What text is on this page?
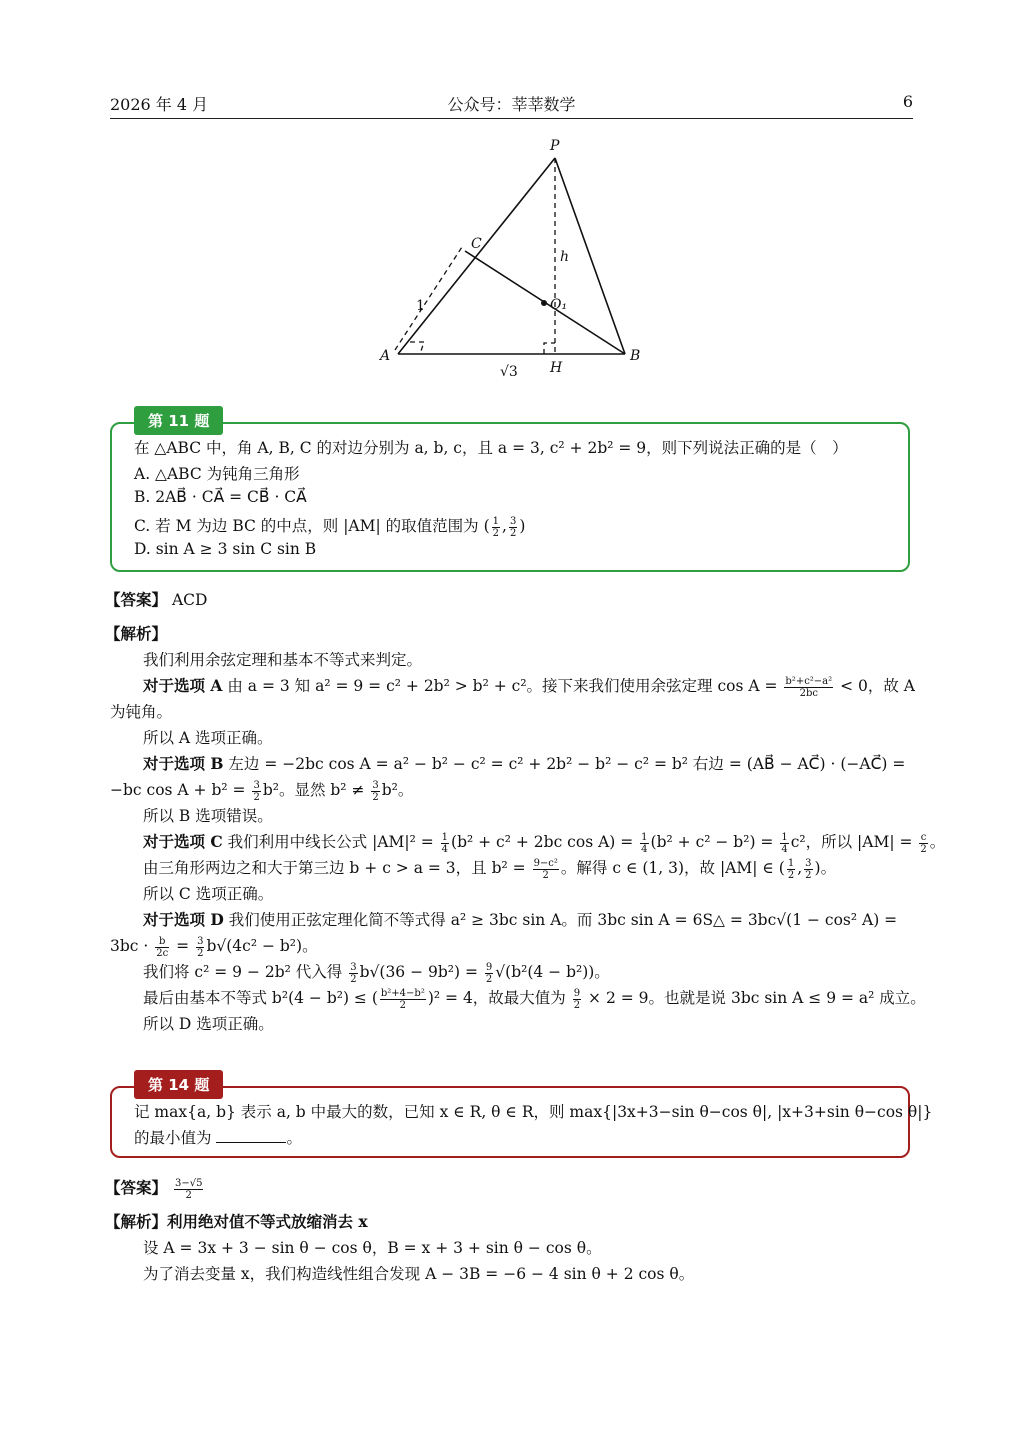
2026 年 4 月	公众号：莘莘数学	6
P
C
h
O₁
A	B
H
1
√3
第 11 题
在 △ABC 中，角 A, B, C 的对边分别为 a, b, c，且 a = 3, c² + 2b² = 9，则下列说法正确的是（　）
A. △ABC 为钝角三角形
B. 2AB⃗ · CA⃗ = CB⃗ · CA⃗
C. 若 M 为边 BC 的中点，则 |AM| 的取值范围为 ( $\frac{1}{2}$ , $\frac{3}{2}$ )
D. sin A ≥ 3 sin C sin B
【答案】 ACD
【解析】
我们利用余弦定理和基本不等式来判定。
对于选项 A 由 a = 3 知 a² = 9 = c² + 2b² > b² + c²。接下来我们使用余弦定理 $\cos A = \frac{\text{b²+c²−a²}}{2bc} < 0$，故 A
为钝角。
所以 A 选项正确。
对于选项 B 左边 = −2bc cos A = a² − b² − c² = c² + 2b² − b² − c² = b² 右边 = (AB⃗ − AC⃗) · (−AC⃗) =
−bc $\cos A + b^2 = \frac{3}{2} b^2$。显然 $b^2 \ne \frac{3}{2} b^2$。
所以 B 选项错误。
对于选项 C 我们利用中线长公式 $|AM|^2 = \frac{1}{4} (b^2 + c^2 + 2bc$ $\cos A) = \frac{1}{4} (b^2 + c^2 - b^2) = \frac{1}{4} c^2$，所以 $|AM| = \frac{c}{2}$ 。
由三角形两边之和大于第三边 b + c > a = 3，且 $b^2 = \frac{\text{9−c²}}{2}$ 。解得 c ∈ (1, 3)，故 |AM| ∈ ( $\frac{1}{2}$ , $\frac{3}{2}$ )。
所以 C 选项正确。
对于选项 D 我们使用正弦定理化简不等式得 a² ≥ 3bc sin A。而 3bc sin A = 6S△ = 3bc√(1 − cos² A) =
$3bc \cdot \frac{b}{2c} = \frac{3}{2} b√(4c^2 - b^2)$。
我们将 c² = 9 − 2b² 代入得 $\frac{3}{2} b√(36 - 9b^2) = \frac{9}{2} √(b^2(4 - b^2))$。
最后由基本不等式 b²(4 − b²) ≤ ( $\frac{\text{b²+4−b²}}{2} )^2 = 4$，故最大值为 $\frac{9}{2} \times 2 = 9$。也就是说 3bc sin A ≤ 9 = a² 成立。
所以 D 选项正确。
第 14 题
记 max{a, b} 表示 a, b 中最大的数，已知 x ∈ R, θ ∈ R，则 max{|3x+3−sin θ−cos θ|, |x+3+sin θ−cos θ|}
的最小值为	。
【答案】 $\frac{3-√5}{2}$
【解析】利用绝对值不等式放缩消去 x
设 A = 3x + 3 − sin θ − cos θ，B = x + 3 + sin θ − cos θ。
为了消去变量 x，我们构造线性组合发现 A − 3B = −6 − 4 sin θ + 2 cos θ。
